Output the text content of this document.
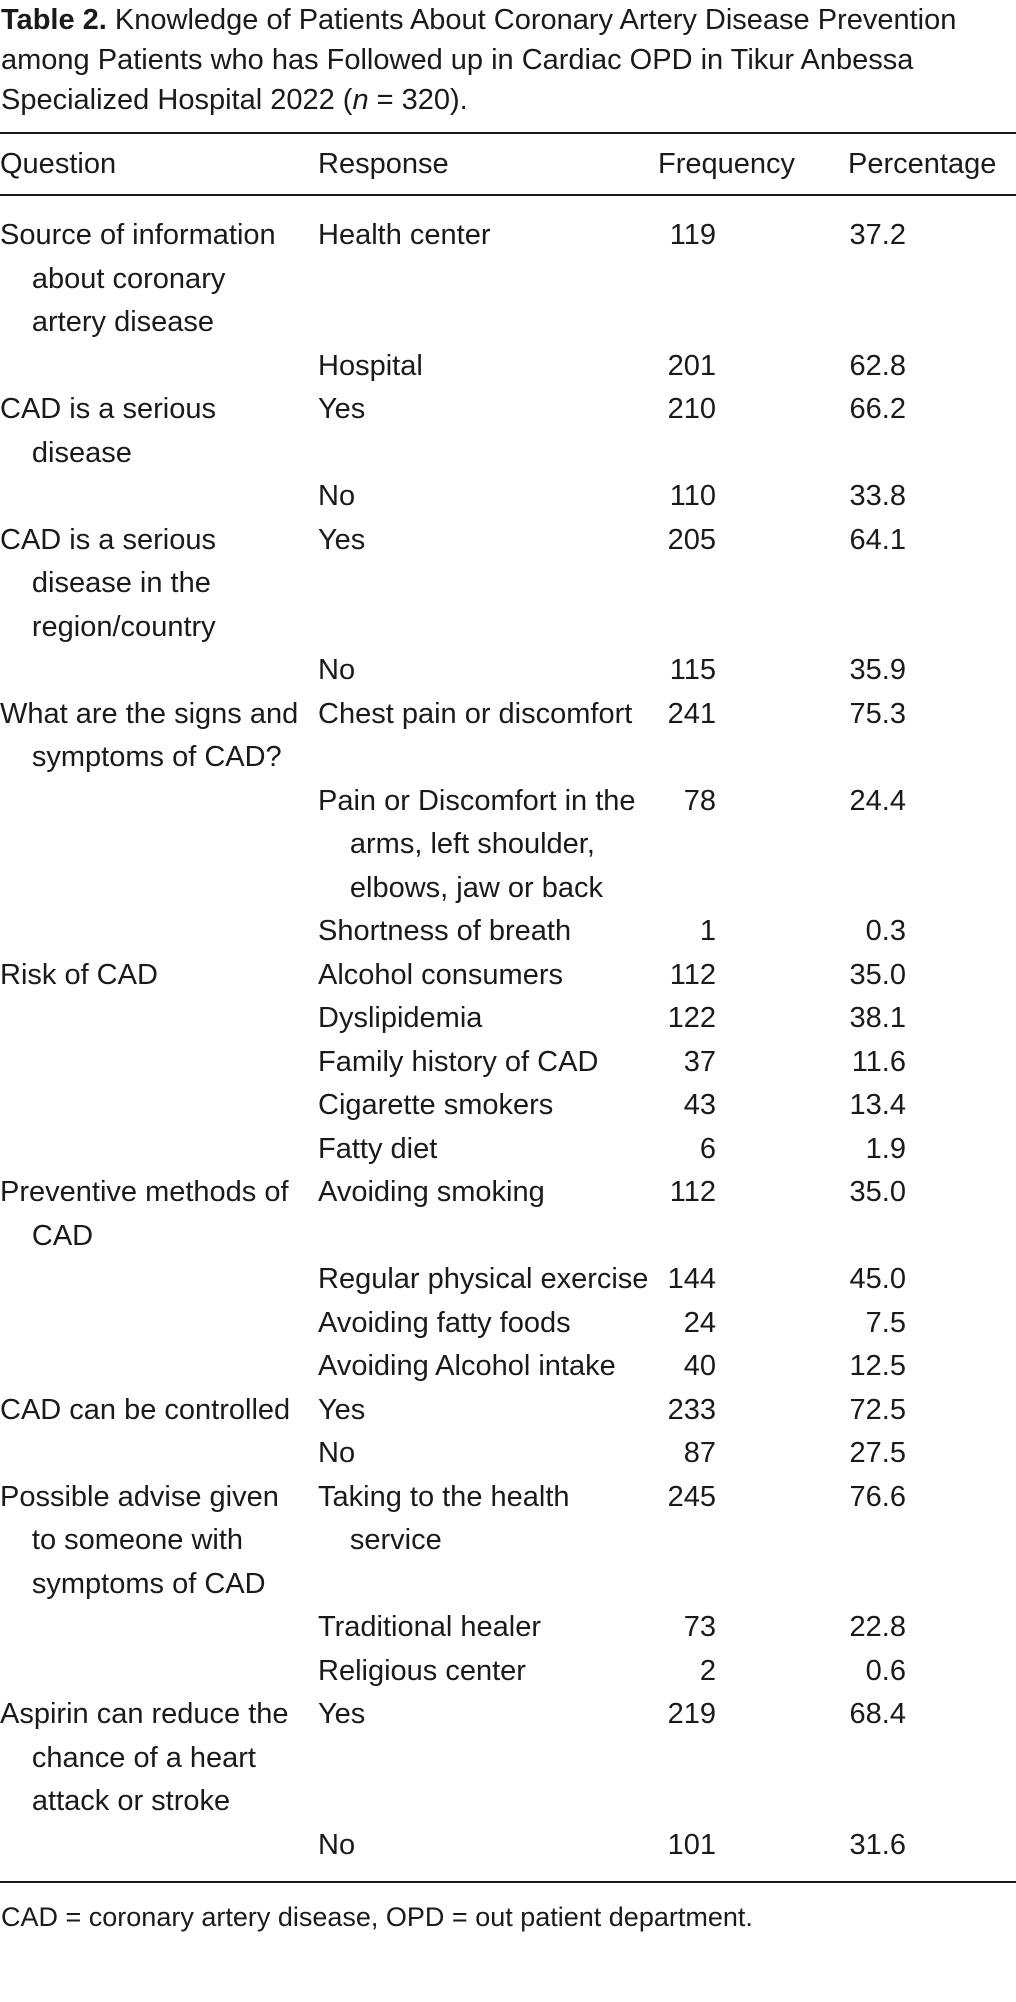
Table 2. Knowledge of Patients About Coronary Artery Disease Prevention among Patients who has Followed up in Cardiac OPD in Tikur Anbessa Specialized Hospital 2022 (n = 320).

Question	Response	Frequency	Percentage
Source of information about coronary artery disease	Health center	119	37.2
	Hospital	201	62.8
CAD is a serious disease	Yes	210	66.2
	No	110	33.8
CAD is a serious disease in the region/country	Yes	205	64.1
	No	115	35.9
What are the signs and symptoms of CAD?	Chest pain or discomfort	241	75.3
	Pain or Discomfort in the arms, left shoulder, elbows, jaw or back	78	24.4
	Shortness of breath	1	0.3
Risk of CAD	Alcohol consumers	112	35.0
	Dyslipidemia	122	38.1
	Family history of CAD	37	11.6
	Cigarette smokers	43	13.4
	Fatty diet	6	1.9
Preventive methods of CAD	Avoiding smoking	112	35.0
	Regular physical exercise	144	45.0
	Avoiding fatty foods	24	7.5
	Avoiding Alcohol intake	40	12.5
CAD can be controlled	Yes	233	72.5
	No	87	27.5
Possible advise given to someone with symptoms of CAD	Taking to the health service	245	76.6
	Traditional healer	73	22.8
	Religious center	2	0.6
Aspirin can reduce the chance of a heart attack or stroke	Yes	219	68.4
	No	101	31.6
CAD = coronary artery disease, OPD = out patient department.
